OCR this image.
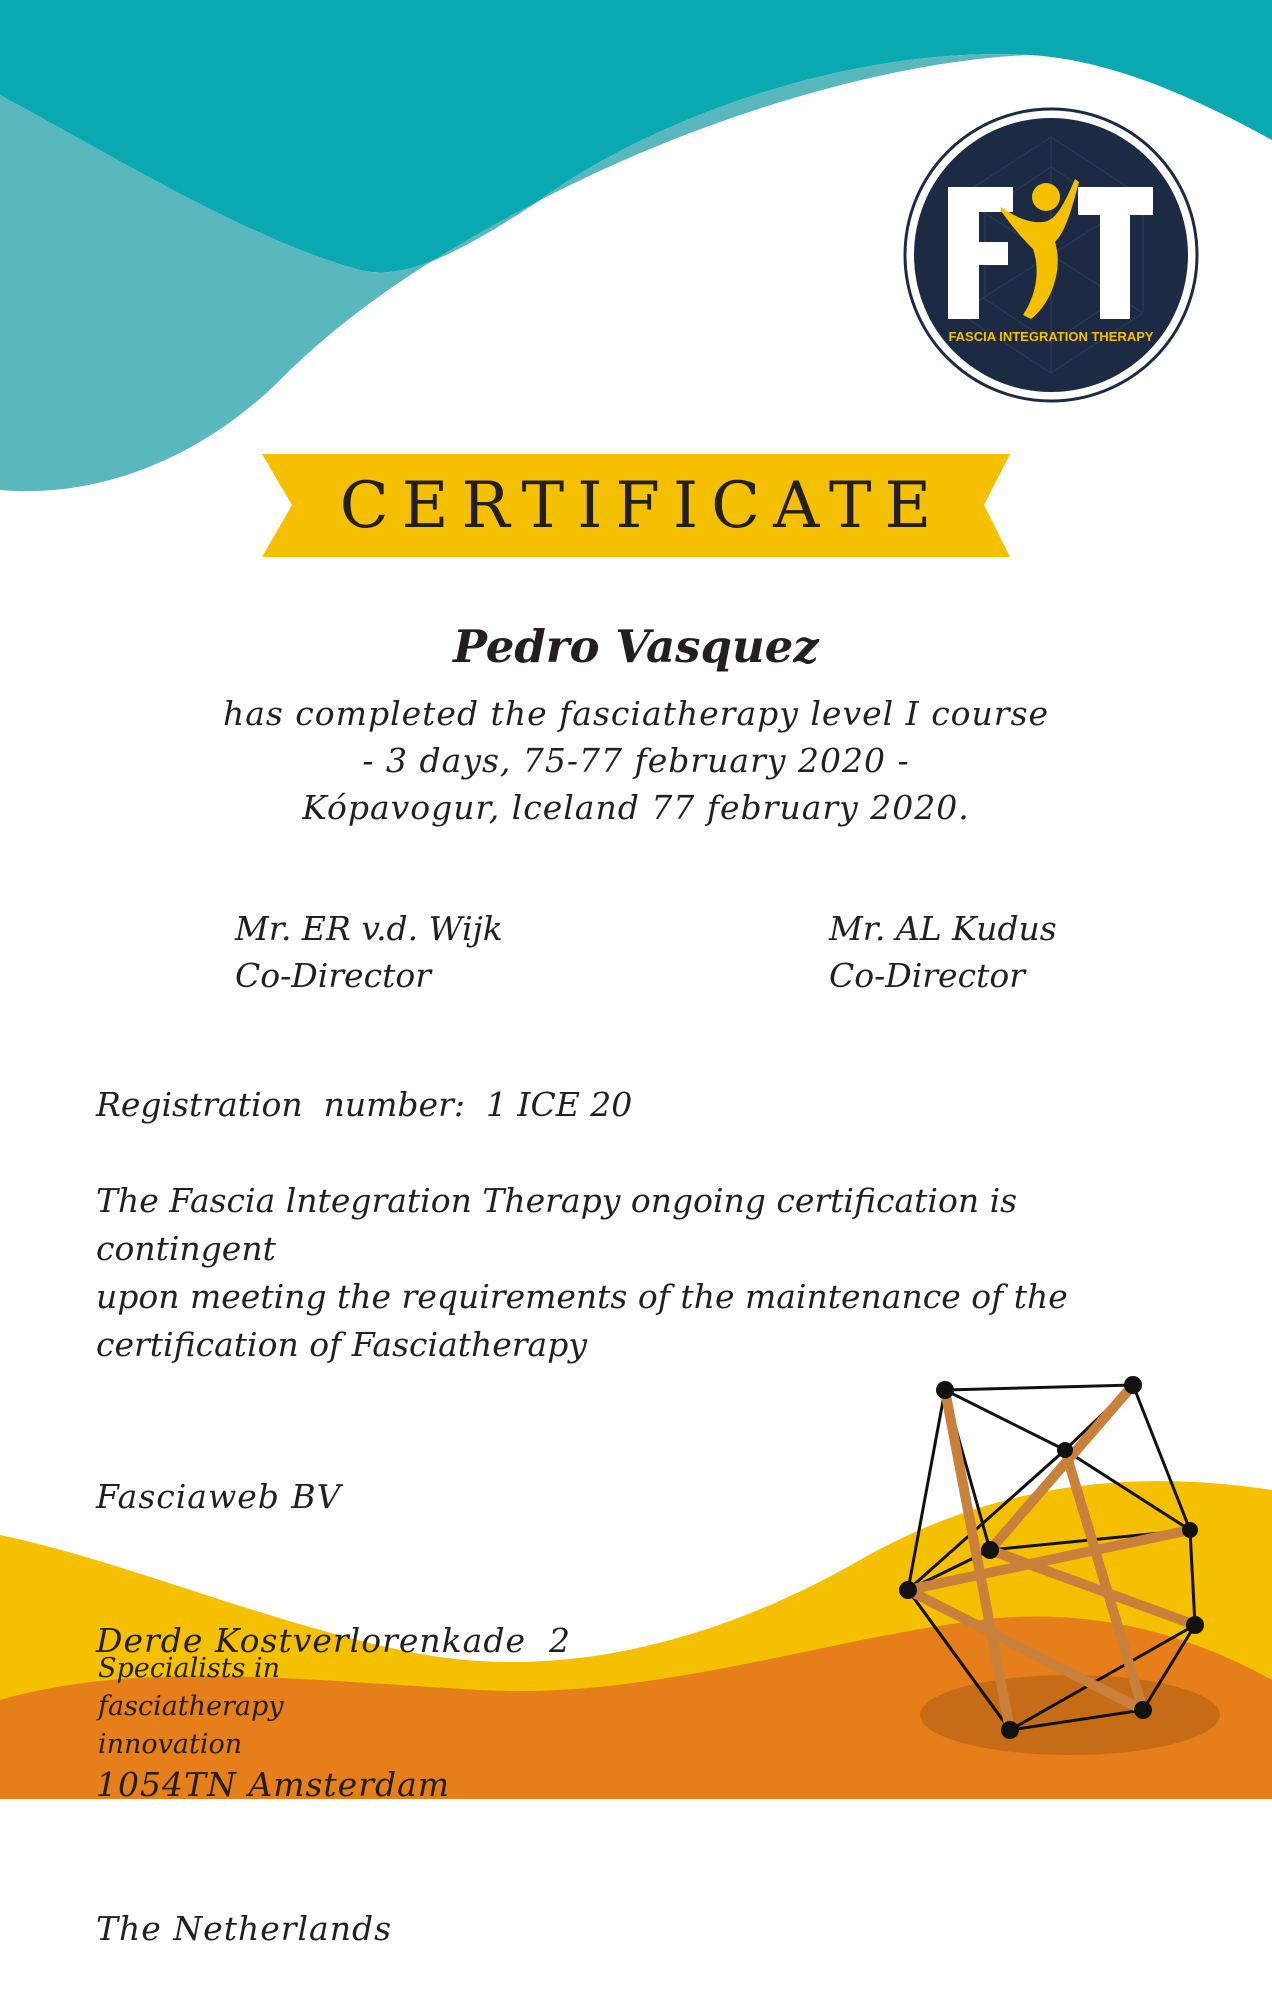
FASCIA INTEGRATION THERAPY
CERTIFICATE
Pedro Vasquez
has completed the fasciatherapy level I course
- 3 days, 75-77 february 2020 -
Kópavogur, lceland 77 february 2020.
Mr. ER v.d. Wijk
Co-Director
Mr. AL Kudus
Co-Director
Registration  number:  1 ICE 20
The Fascia lntegration Therapy ongoing certification is contingent
upon meeting the requirements of the maintenance of the
certification of Fasciatherapy

Fasciaweb BV

Derde Kostverlorenkade  2

1054TN Amsterdam

The Netherlands

Specialists in
fasciatherapy
innovation
